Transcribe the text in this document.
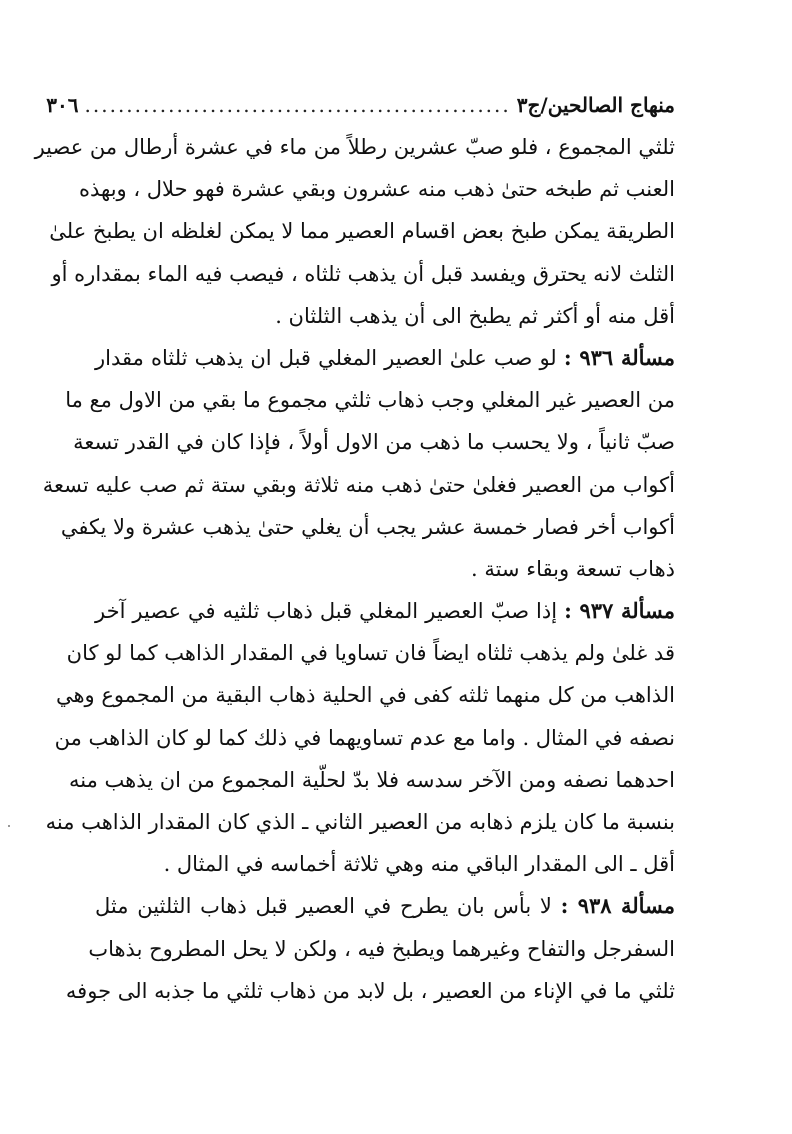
منهاج الصالحين/ج٣
...................................................
٣٠٦

ثلثي المجموع ، فلو صبّ عشرين رطلاً من ماء في عشرة أرطال من عصير
العنب ثم طبخه حتىٰ ذهب منه عشرون وبقي عشرة فهو حلال ، وبهذه
الطريقة يمكن طبخ بعض اقسام العصير مما لا يمكن لغلظه ان يطبخ علىٰ
الثلث لانه يحترق ويفسد قبل أن يذهب ثلثاه ، فيصب فيه الماء بمقداره أو
أقل منه أو أكثر ثم يطبخ الى أن يذهب الثلثان .

مسألة ٩٣٦ : لو صب علىٰ العصير المغلي قبل ان يذهب ثلثاه مقدار
من العصير غير المغلي وجب ذهاب ثلثي مجموع ما بقي من الاول مع ما
صبّ ثانياً ، ولا يحسب ما ذهب من الاول أولاً ، فإذا كان في القدر تسعة
أكواب من العصير فغلىٰ حتىٰ ذهب منه ثلاثة وبقي ستة ثم صب عليه تسعة
أكواب أخر فصار خمسة عشر يجب أن يغلي حتىٰ يذهب عشرة ولا يكفي
ذهاب تسعة وبقاء ستة .

مسألة ٩٣٧ : إذا صبّ العصير المغلي قبل ذهاب ثلثيه في عصير آخر
قد غلىٰ ولم يذهب ثلثاه ايضاً فان تساويا في المقدار الذاهب كما لو كان
الذاهب من كل منهما ثلثه كفى في الحلية ذهاب البقية من المجموع وهي
نصفه في المثال . واما مع عدم تساويهما في ذلك كما لو كان الذاهب من
احدهما نصفه ومن الآخر سدسه فلا بدّ لحلّية المجموع من ان يذهب منه
بنسبة ما كان يلزم ذهابه من العصير الثاني ـ الذي كان المقدار الذاهب منه
أقل ـ الى المقدار الباقي منه وهي ثلاثة أخماسه في المثال .

مسألة ٩٣٨ : لا بأس بان يطرح في العصير قبل ذهاب الثلثين مثل
السفرجل والتفاح وغيرهما ويطبخ فيه ، ولكن لا يحل المطروح بذهاب
ثلثي ما في الإناء من العصير ، بل لابد من ذهاب ثلثي ما جذبه الى جوفه
